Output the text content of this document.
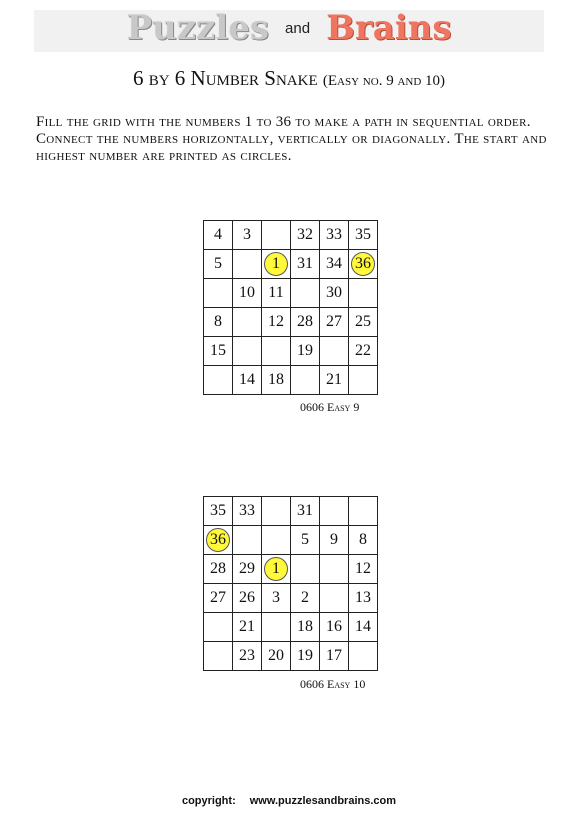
Puzzles and Brains
6 by 6 Number Snake (Easy no. 9 and 10)
Fill the grid with the numbers 1 to 36 to make a path in sequential order. Connect the numbers horizontally, vertically or diagonally. The start and highest number are printed as circles.
4	3		32	33	35
5		1	31	34	36
	10	11		30	
8		12	28	27	25
15			19		22
	14	18		21	
0606 Easy 9
35	33		31		
36			5	9	8
28	29	1			12
27	26	3	2		13
	21		18	16	14
	23	20	19	17	
0606 Easy 10
copyright: www.puzzlesandbrains.com
